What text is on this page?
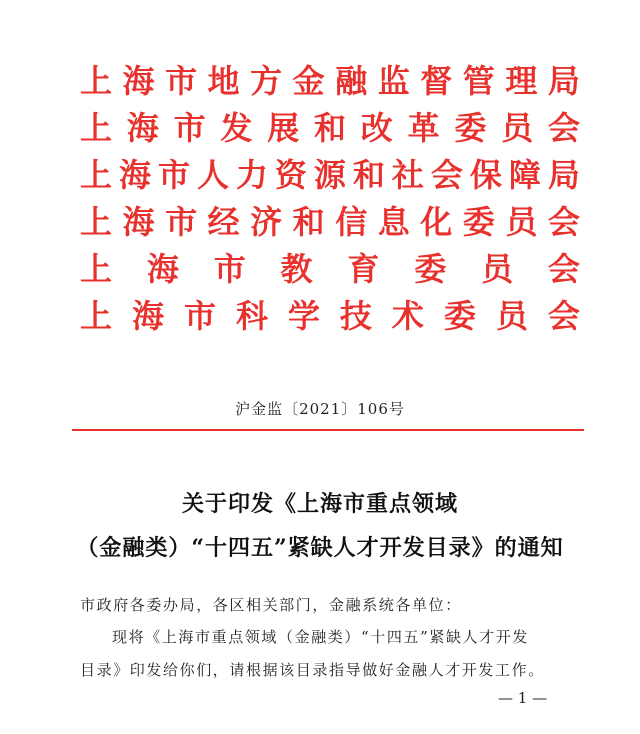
上 海 市 地 方 金 融 监 督 管 理 局
上 海 市 发 展 和 改 革 委 员 会
上 海 市 人 力 资 源 和 社 会 保 障 局
上 海 市 经 济 和 信 息 化 委 员 会
上 海 市 教 育 委 员 会
上 海 市 科 学 技 术 委 员 会
沪金监〔2021〕106号
关于印发《上海市重点领域
（金融类）“十四五”紧缺人才开发目录》的通知
市政府各委办局，各区相关部门，金融系统各单位：
现将《上海市重点领域（金融类）“十四五”紧缺人才开发
目录》印发给你们，请根据该目录指导做好金融人才开发工作。
— 1 —
